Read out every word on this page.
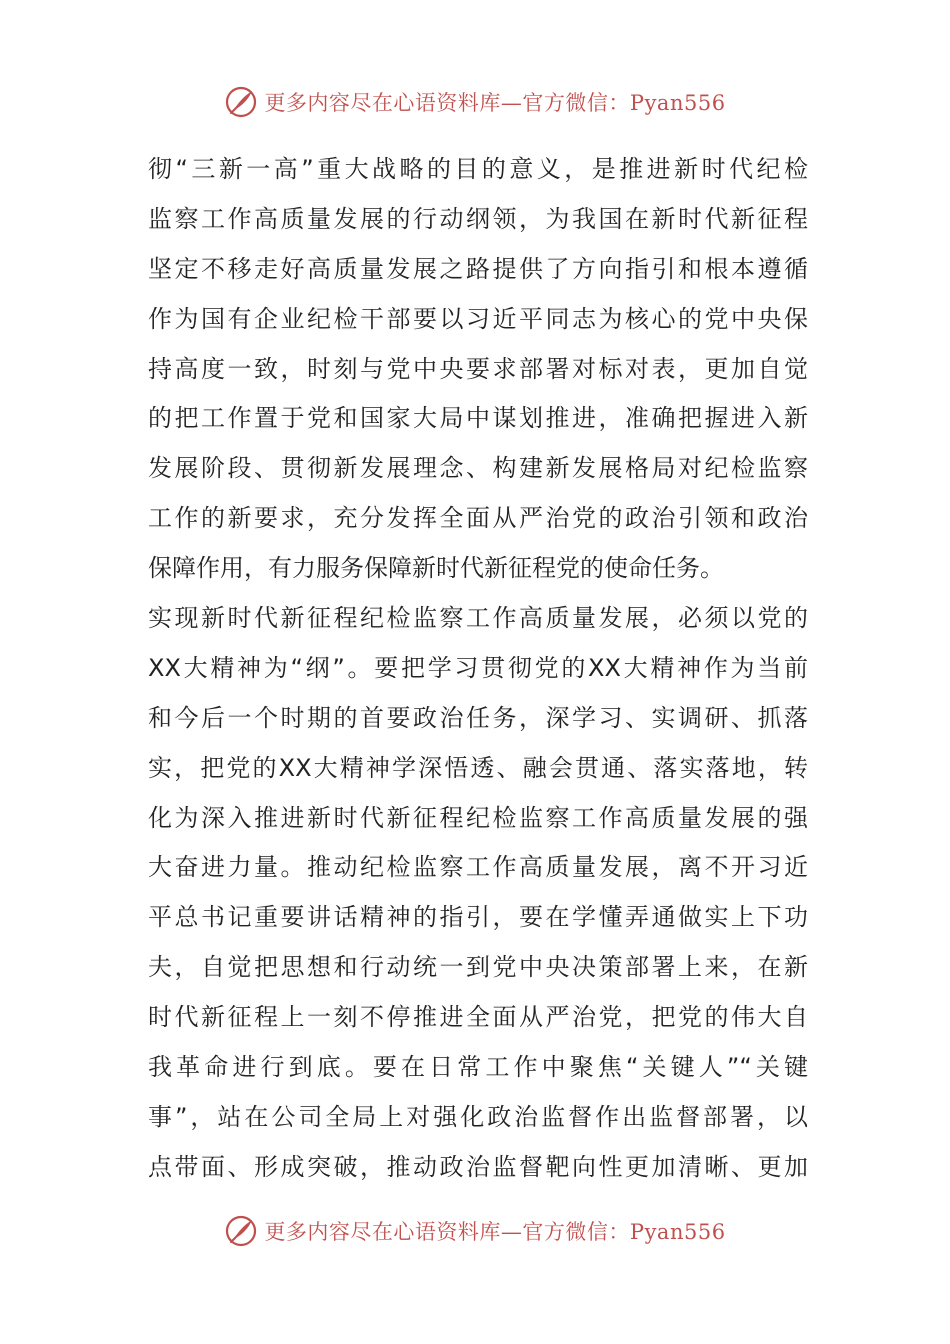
更多内容尽在心语资料库—官方微信：Pyan556
彻“三新一高”重大战略的目的意义，是推进新时代纪检
监察工作高质量发展的行动纲领，为我国在新时代新征程
坚定不移走好高质量发展之路提供了方向指引和根本遵循
作为国有企业纪检干部要以习近平同志为核心的党中央保
持高度一致，时刻与党中央要求部署对标对表，更加自觉
的把工作置于党和国家大局中谋划推进，准确把握进入新
发展阶段、贯彻新发展理念、构建新发展格局对纪检监察
工作的新要求，充分发挥全面从严治党的政治引领和政治
保障作用，有力服务保障新时代新征程党的使命任务。
实现新时代新征程纪检监察工作高质量发展，必须以党的
XX大精神为“纲”。要把学习贯彻党的XX大精神作为当前
和今后一个时期的首要政治任务，深学习、实调研、抓落
实，把党的XX大精神学深悟透、融会贯通、落实落地，转
化为深入推进新时代新征程纪检监察工作高质量发展的强
大奋进力量。推动纪检监察工作高质量发展，离不开习近
平总书记重要讲话精神的指引，要在学懂弄通做实上下功
夫，自觉把思想和行动统一到党中央决策部署上来，在新
时代新征程上一刻不停推进全面从严治党，把党的伟大自
我革命进行到底。要在日常工作中聚焦“关键人”“关键
事”，站在公司全局上对强化政治监督作出监督部署，以
点带面、形成突破，推动政治监督靶向性更加清晰、更加
更多内容尽在心语资料库—官方微信：Pyan556
